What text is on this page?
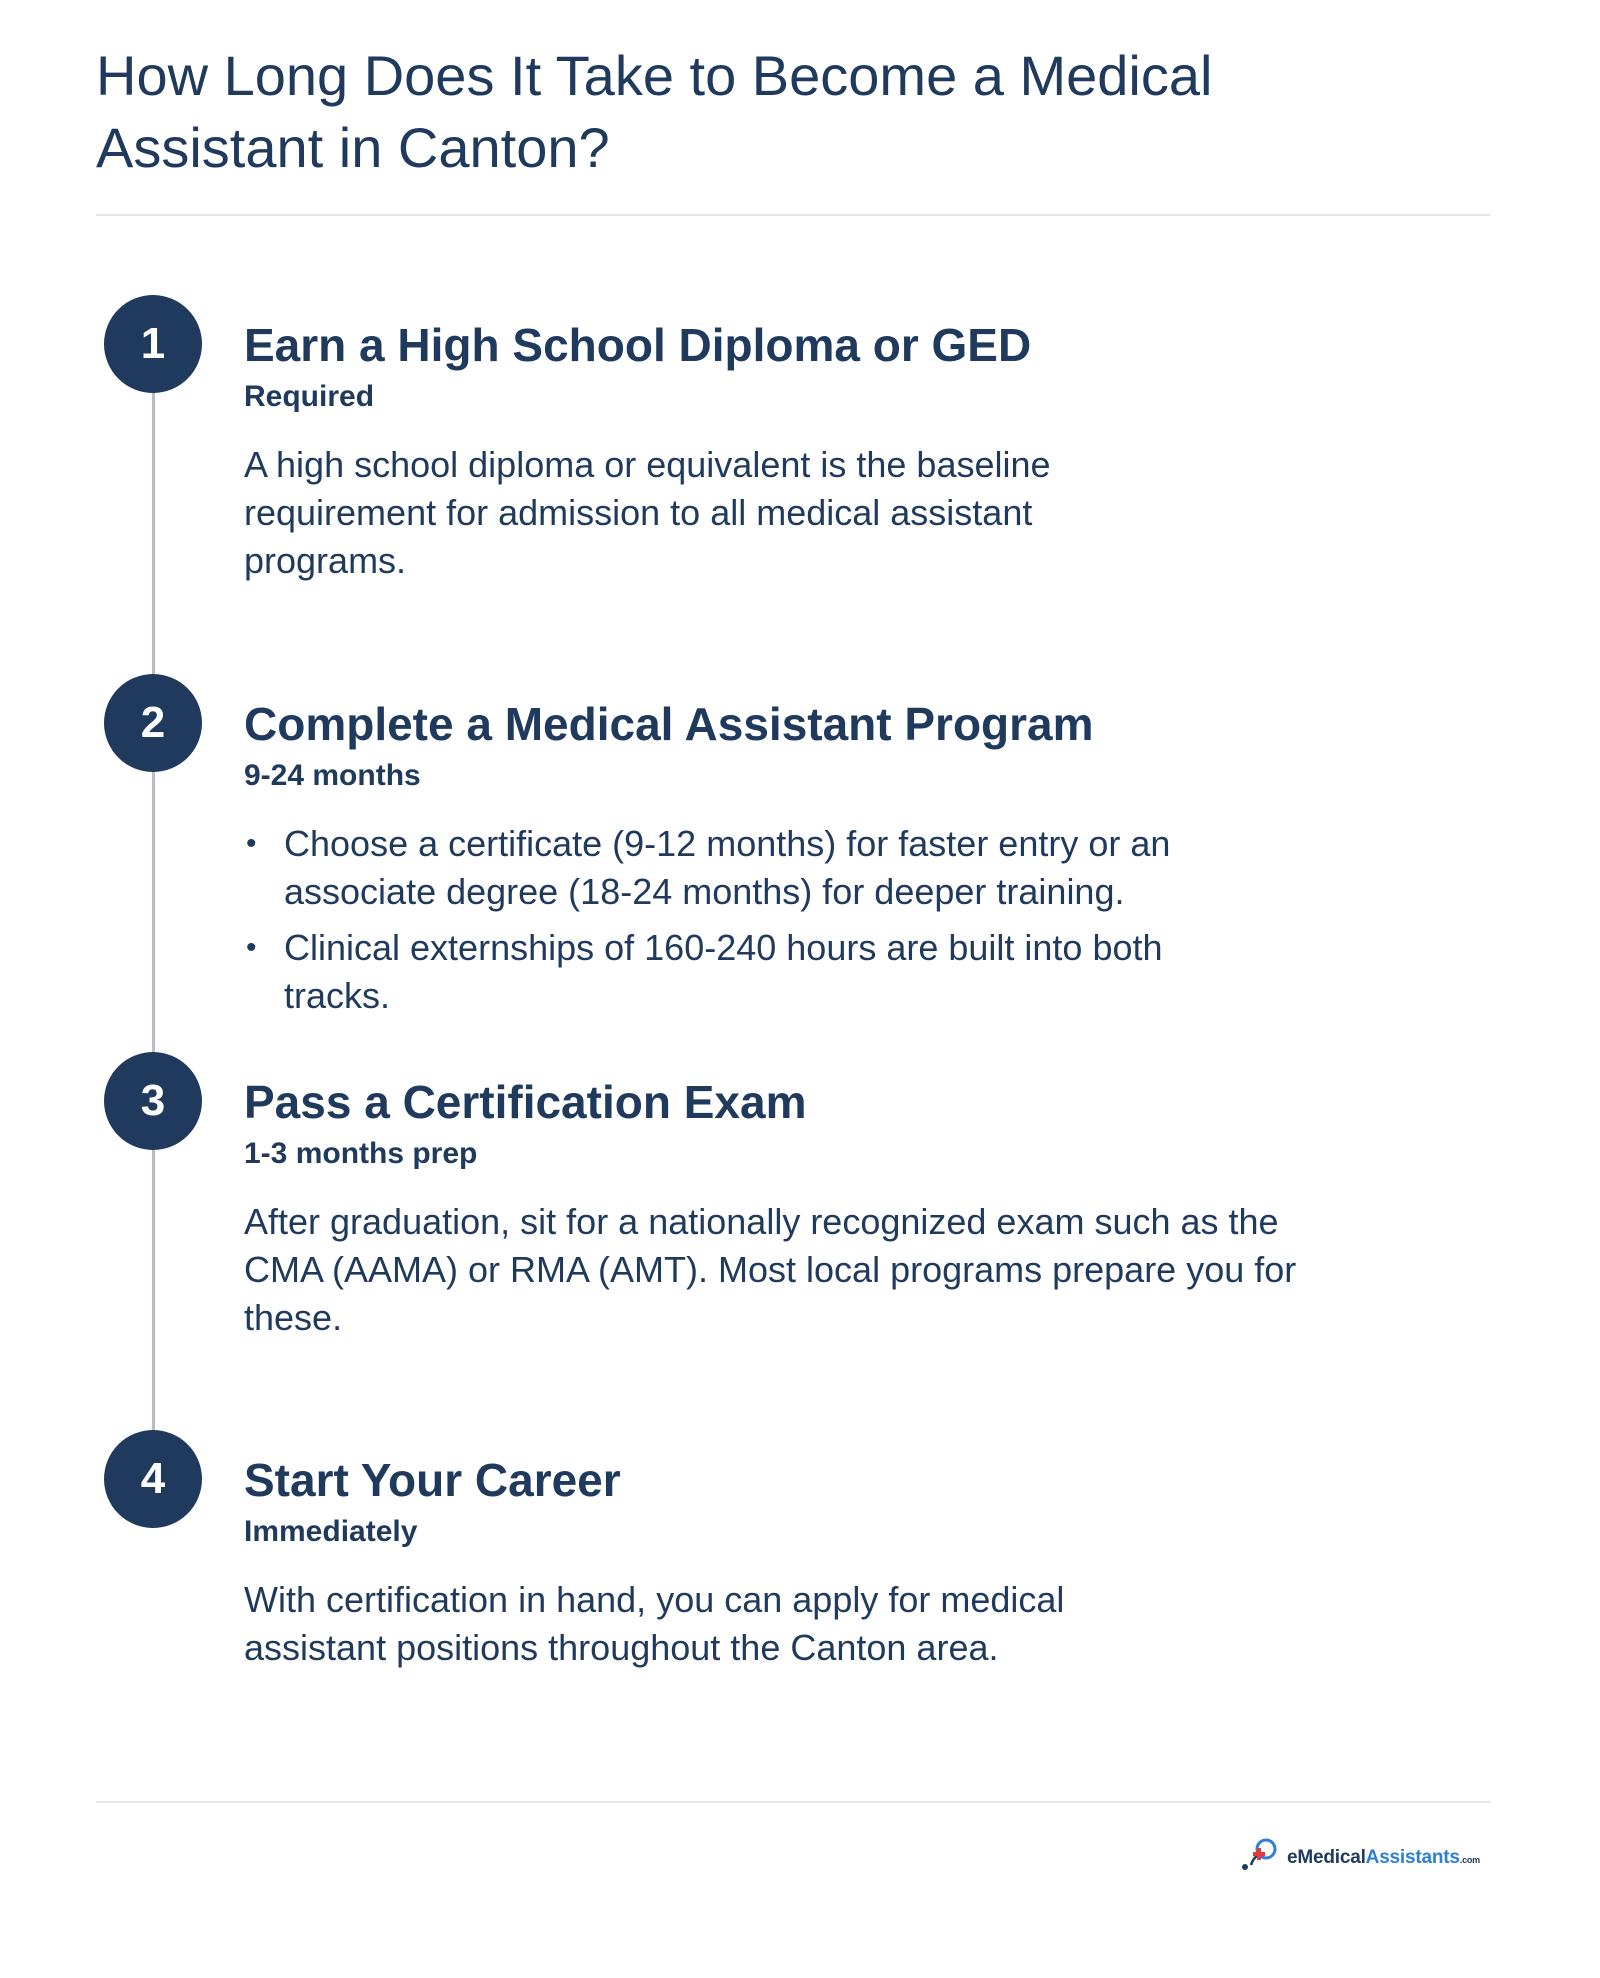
How Long Does It Take to Become a Medical Assistant in Canton?
1	Earn a High School Diploma or GED
Required

A high school diploma or equivalent is the baseline requirement for admission to all medical assistant programs.

2	Complete a Medical Assistant Program
9-24 months
• Choose a certificate (9-12 months) for faster entry or an associate degree (18-24 months) for deeper training.
• Clinical externships of 160-240 hours are built into both tracks.
3	Pass a Certification Exam
1-3 months prep

After graduation, sit for a nationally recognized exam such as the CMA (AAMA) or RMA (AMT). Most local programs prepare you for these.

4	Start Your Career
Immediately

With certification in hand, you can apply for medical assistant positions throughout the Canton area.

eMedicalAssistants.com
